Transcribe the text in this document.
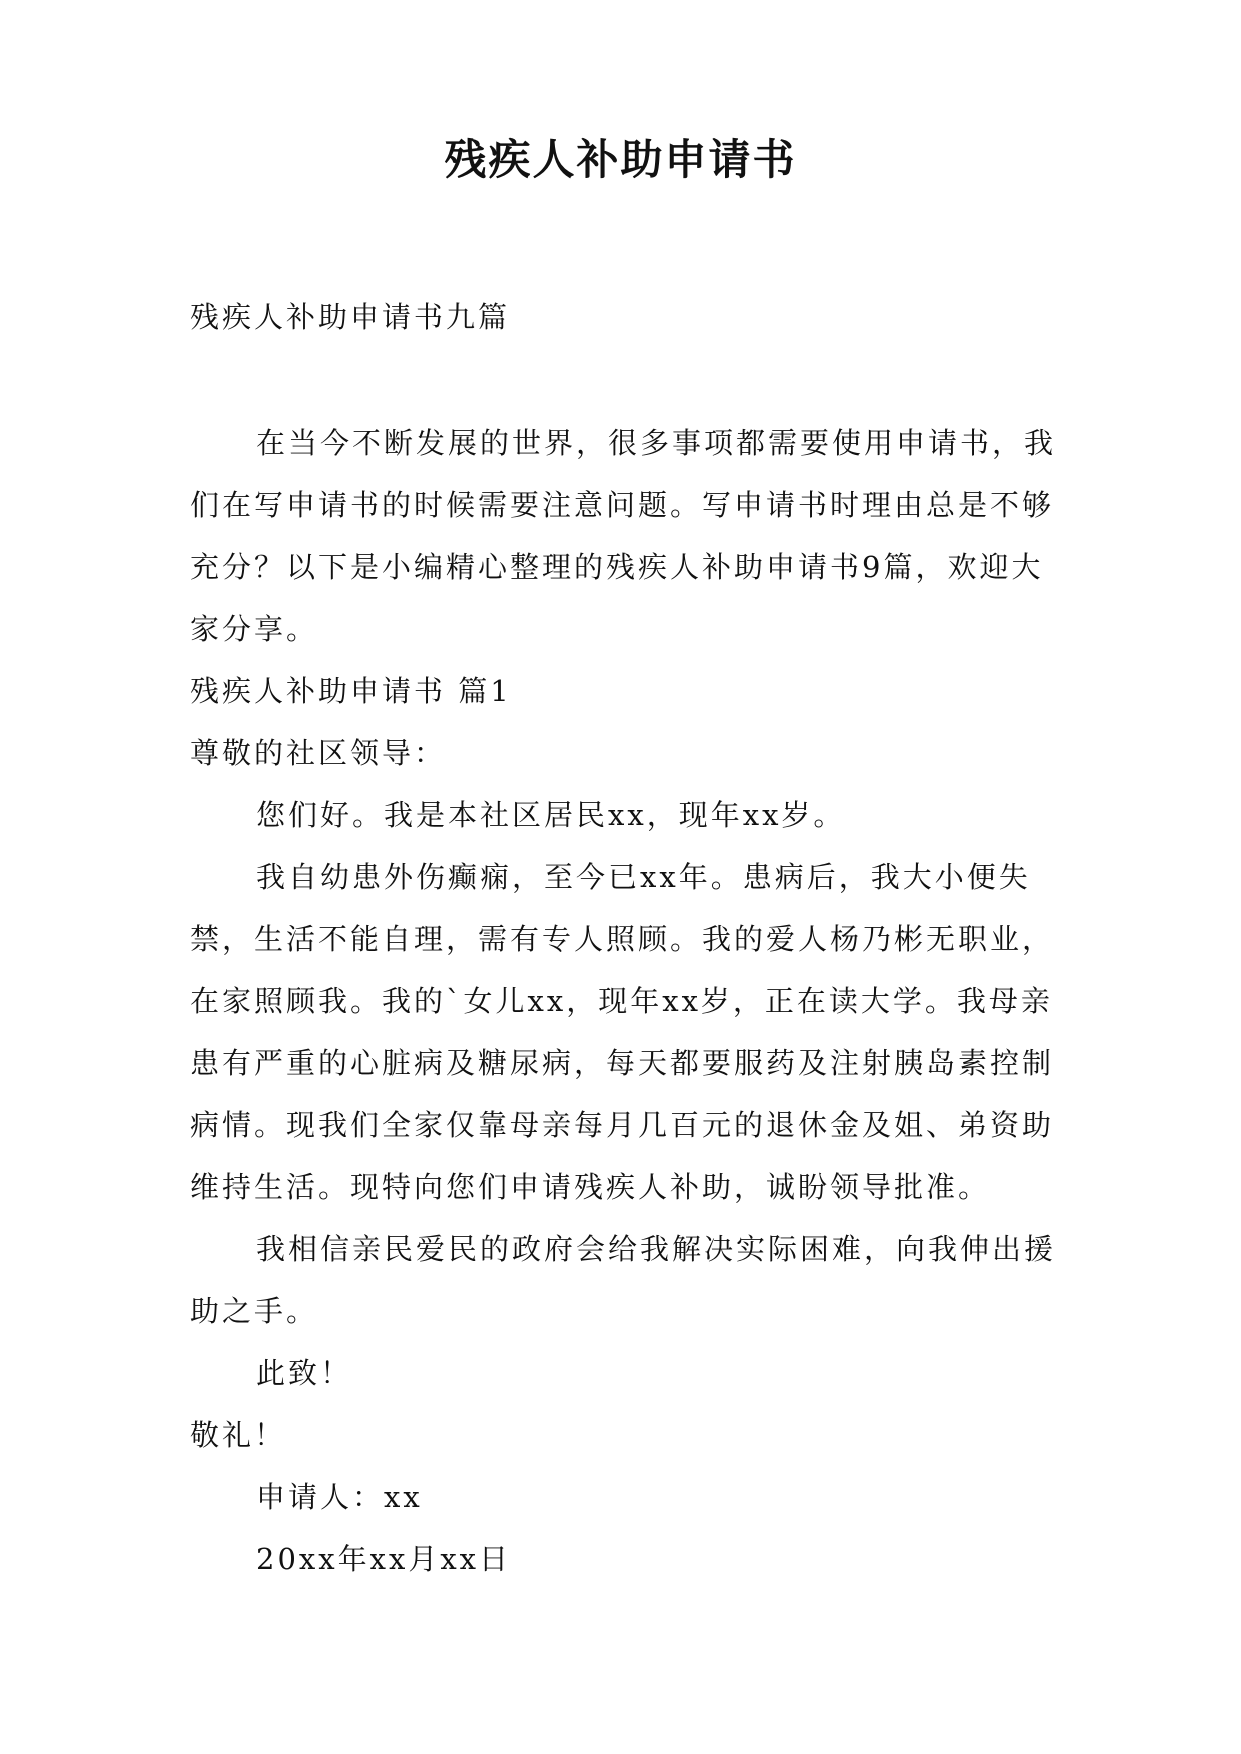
残疾人补助申请书

残疾人补助申请书九篇

在当今不断发展的世界，很多事项都需要使用申请书，我们在写申请书的时候需要注意问题。写申请书时理由总是不够充分？以下是小编精心整理的残疾人补助申请书9篇，欢迎大家分享。

残疾人补助申请书 篇1

尊敬的社区领导：

您们好。我是本社区居民xx，现年xx岁。

我自幼患外伤癫痫，至今已xx年。患病后，我大小便失禁，生活不能自理，需有专人照顾。我的爱人杨乃彬无职业，在家照顾我。我的`女儿xx，现年xx岁，正在读大学。我母亲患有严重的心脏病及糖尿病，每天都要服药及注射胰岛素控制病情。现我们全家仅靠母亲每月几百元的退休金及姐、弟资助维持生活。现特向您们申请残疾人补助，诚盼领导批准。

我相信亲民爱民的政府会给我解决实际困难，向我伸出援助之手。

此致！

敬礼！

申请人：xx

20xx年xx月xx日
